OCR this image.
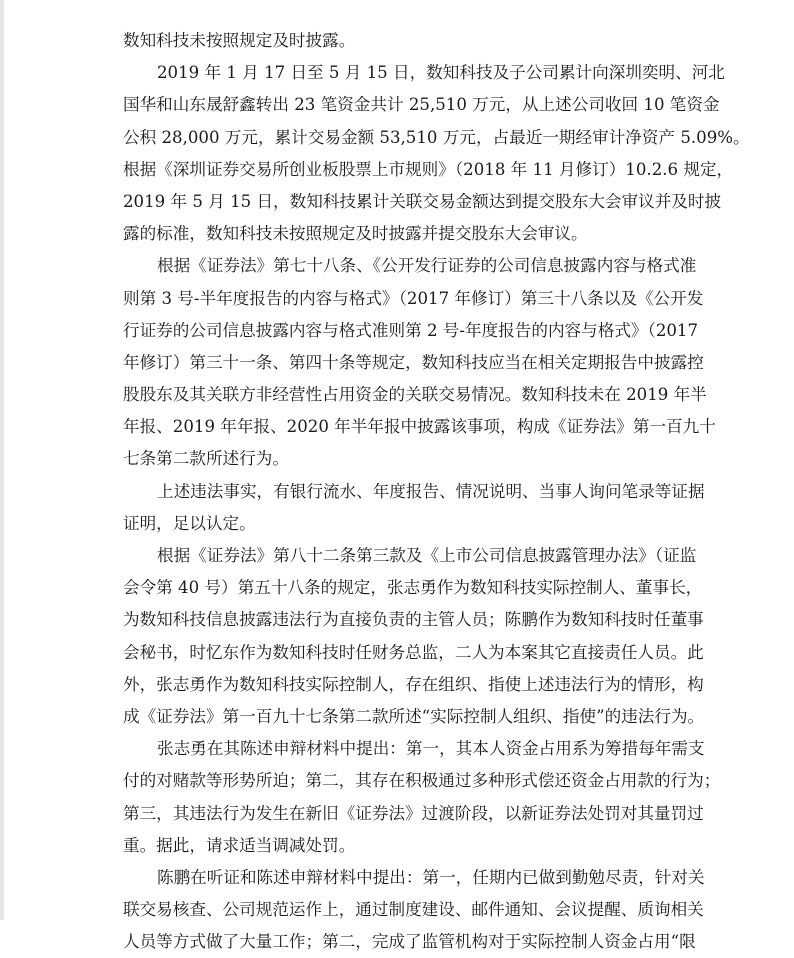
数知科技未按照规定及时披露。
2019 年 1 月 17 日至 5 月 15 日，数知科技及子公司累计向深圳奕明、河北
国华和山东晟舒鑫转出 23 笔资金共计 25,510 万元，从上述公司收回 10 笔资金
公积 28,000 万元，累计交易金额 53,510 万元，占最近一期经审计净资产 5.09%。
根据《深圳证券交易所创业板股票上市规则》（2018 年 11 月修订）10.2.6 规定，
2019 年 5 月 15 日，数知科技累计关联交易金额达到提交股东大会审议并及时披
露的标准，数知科技未按照规定及时披露并提交股东大会审议。
根据《证券法》第七十八条、《公开发行证券的公司信息披露内容与格式准
则第 3 号-半年度报告的内容与格式》（2017 年修订）第三十八条以及《公开发
行证券的公司信息披露内容与格式准则第 2 号-年度报告的内容与格式》（2017
年修订）第三十一条、第四十条等规定，数知科技应当在相关定期报告中披露控
股股东及其关联方非经营性占用资金的关联交易情况。数知科技未在 2019 年半
年报、2019 年年报、2020 年半年报中披露该事项，构成《证券法》第一百九十
七条第二款所述行为。
上述违法事实，有银行流水、年度报告、情况说明、当事人询问笔录等证据
证明，足以认定。
根据《证券法》第八十二条第三款及《上市公司信息披露管理办法》（证监
会令第 40 号）第五十八条的规定，张志勇作为数知科技实际控制人、董事长，
为数知科技信息披露违法行为直接负责的主管人员；陈鹏作为数知科技时任董事
会秘书，时忆东作为数知科技时任财务总监，二人为本案其它直接责任人员。此
外，张志勇作为数知科技实际控制人，存在组织、指使上述违法行为的情形，构
成《证券法》第一百九十七条第二款所述“实际控制人组织、指使”的违法行为。
张志勇在其陈述申辩材料中提出：第一，其本人资金占用系为筹措每年需支
付的对赌款等形势所迫；第二，其存在积极通过多种形式偿还资金占用款的行为；
第三，其违法行为发生在新旧《证券法》过渡阶段，以新证券法处罚对其量罚过
重。据此，请求适当调减处罚。
陈鹏在听证和陈述申辩材料中提出：第一，任期内已做到勤勉尽责，针对关
联交易核查、公司规范运作上，通过制度建设、邮件通知、会议提醒、质询相关
人员等方式做了大量工作；第二，完成了监管机构对于实际控制人资金占用“限
